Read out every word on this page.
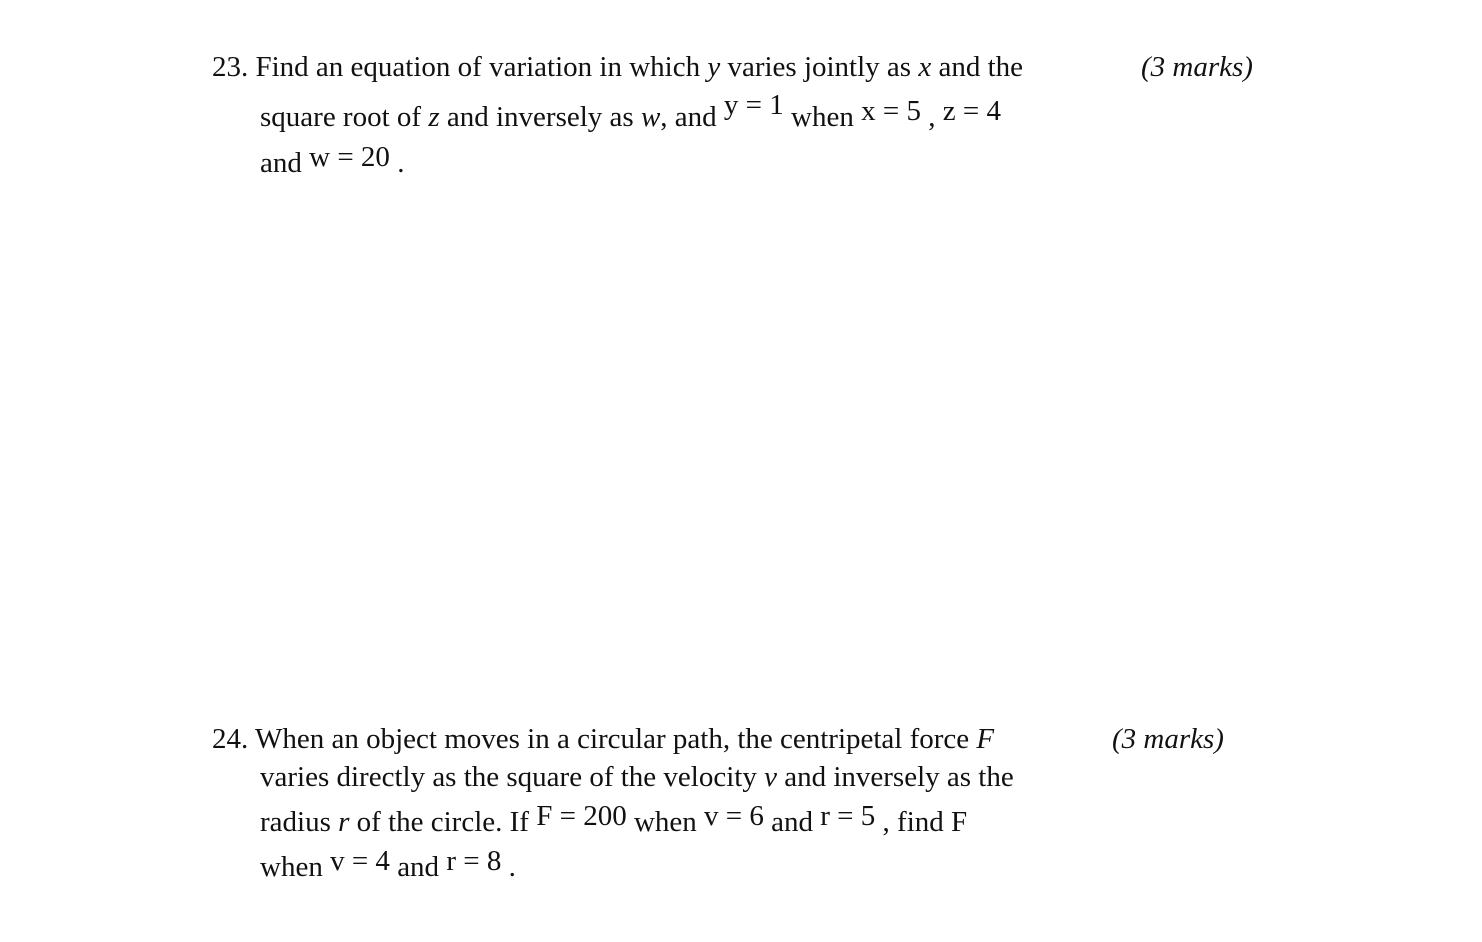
23. Find an equation of variation in which y varies jointly as x and the	(3 marks)
square root of z and inversely as w, and y = 1 when x = 5 , z = 4
and w = 20 .
24. When an object moves in a circular path, the centripetal force F	(3 marks)
varies directly as the square of the velocity v and inversely as the
radius r of the circle. If F = 200 when v = 6 and r = 5 , find F
when v = 4 and r = 8 .
